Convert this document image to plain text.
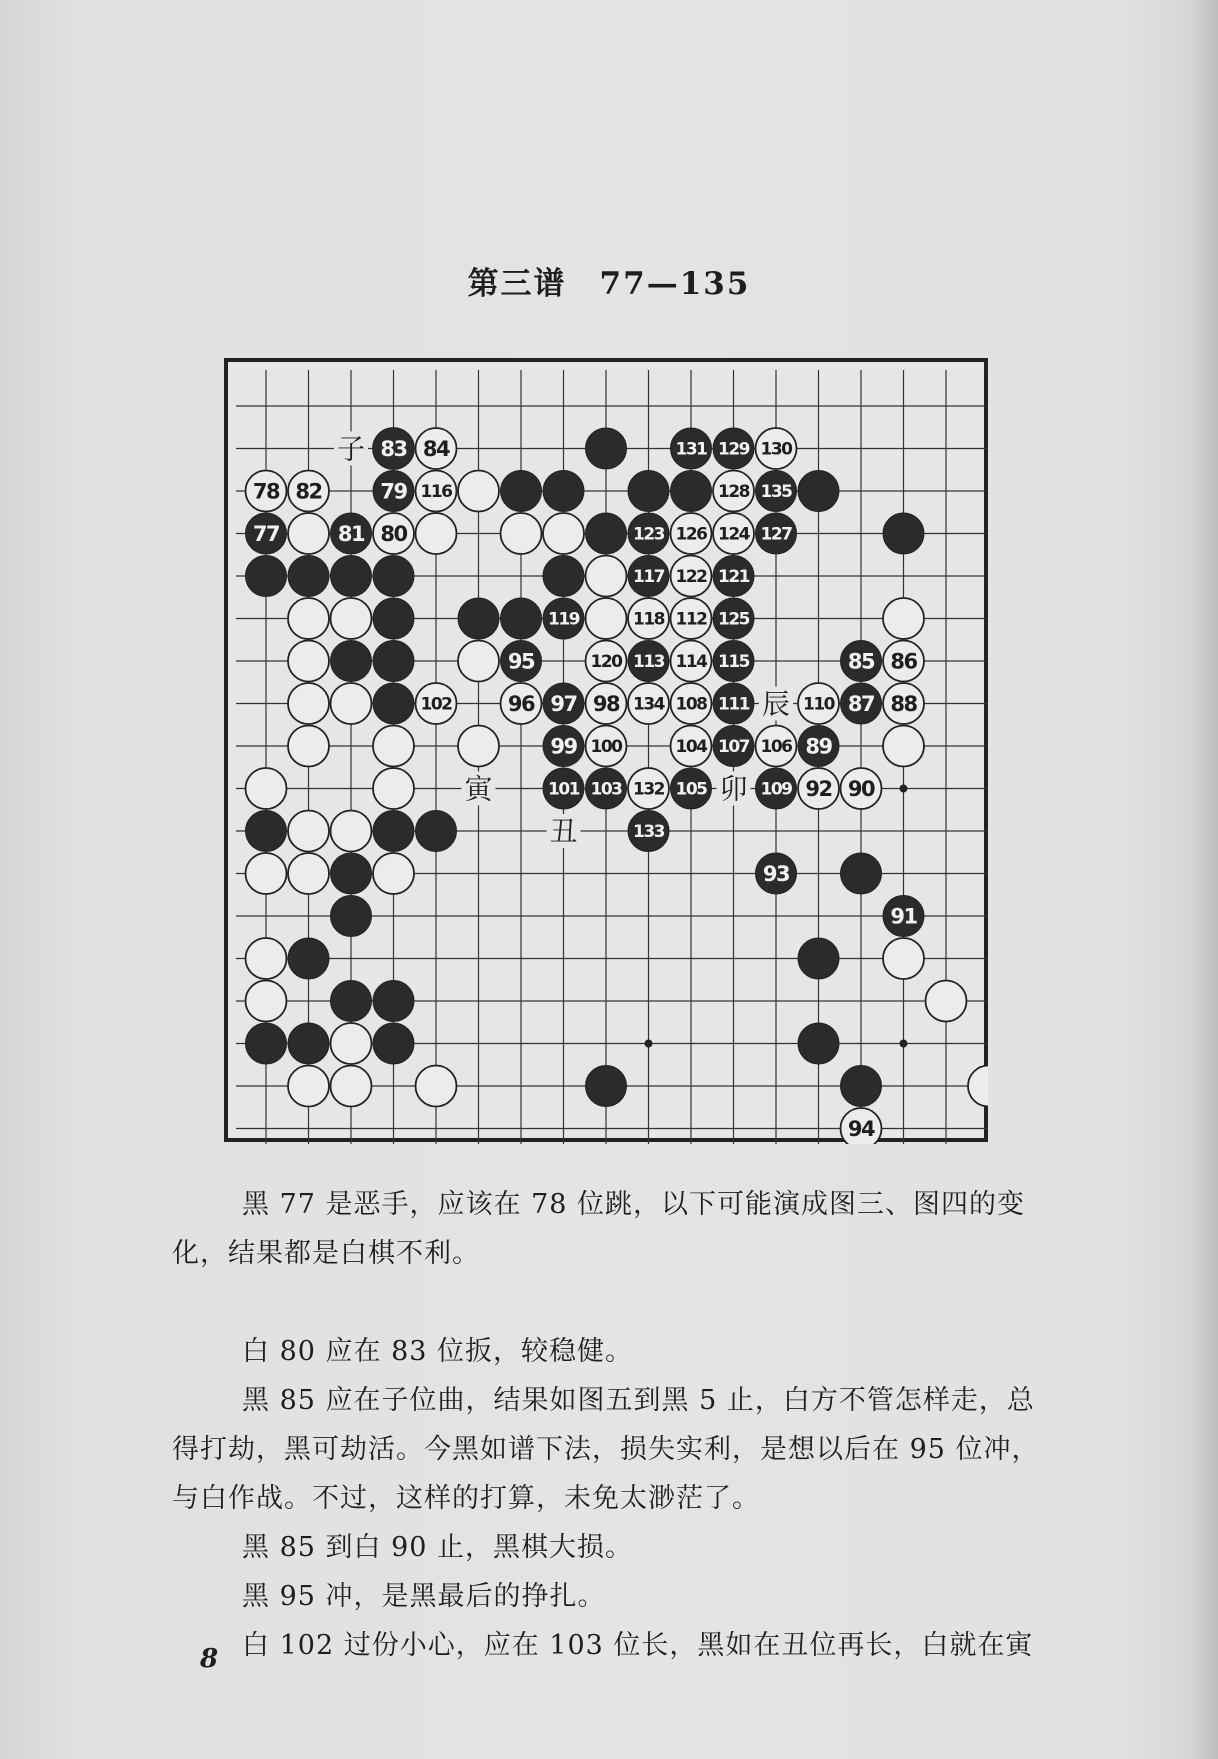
第三谱　77—135
77
78	79
80
81
82
83 84
85 86
87 88
89
90
91
92
93
94
95
96 97 98
99 100
101
102
103
104
105
106
107
108
109
110
111
112
113 114 115
116
117
118
119
120
121
122
123	124
125
126	127
128
129 130
131
132
133
134
135
子
丑
寅	卯
辰
黑 77 是恶手，应该在 78 位跳，以下可能演成图三、图四的变化，结果都是白棋不利。
白 80 应在 83 位扳，较稳健。
黑 85 应在子位曲，结果如图五到黑 5 止，白方不管怎样走，总得打劫，黑可劫活。今黑如谱下法，损失实利，是想以后在 95 位冲，与白作战。不过，这样的打算，未免太渺茫了。
黑 85 到白 90 止，黑棋大损。
黑 95 冲，是黑最后的挣扎。
白 102 过份小心，应在 103 位长，黑如在丑位再长，白就在寅
8
